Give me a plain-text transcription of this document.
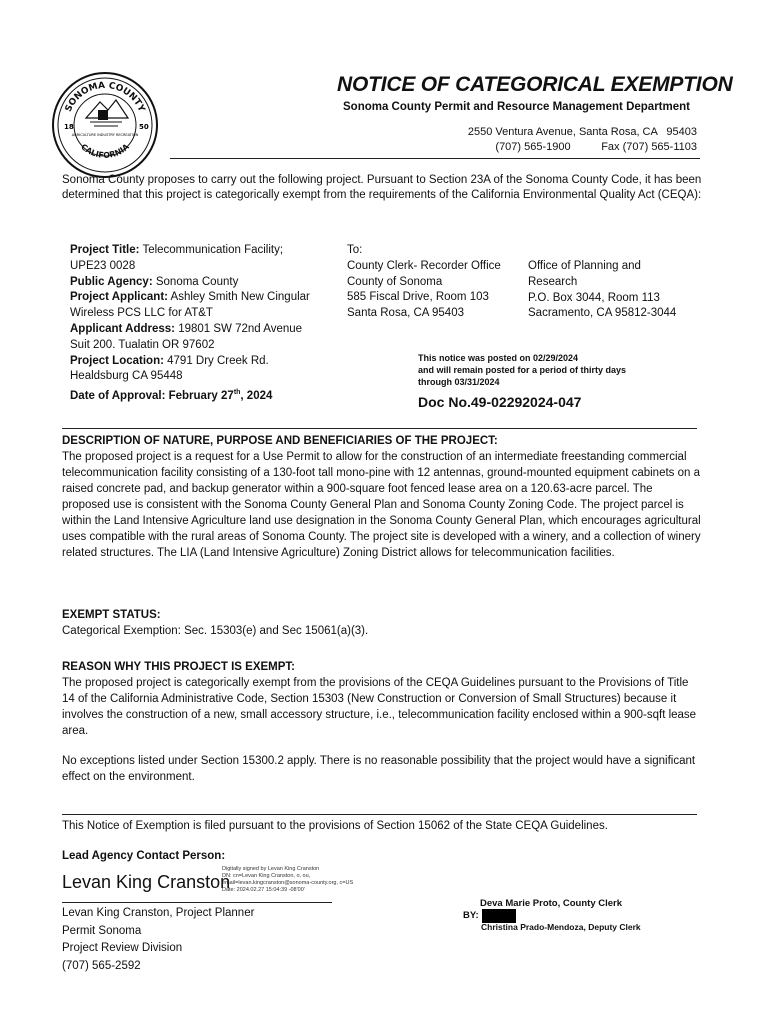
SONOMA COUNTY
CALIFORNIA
18	50
AGRICULTURE INDUSTRY RECREATION
NOTICE OF CATEGORICAL EXEMPTION
Sonoma County Permit and Resource Management Department
2550 Ventura Avenue, Santa Rosa, CA   95403
(707) 565-1900          Fax (707) 565-1103
Sonoma County proposes to carry out the following project. Pursuant to Section 23A of the Sonoma County Code, it has been determined that this project is categorically exempt from the requirements of the California Environmental Quality Act (CEQA):
Project Title: Telecommunication Facility;
UPE23 0028
Public Agency: Sonoma County
Project Applicant: Ashley Smith New Cingular
Wireless PCS LLC for AT&T
Applicant Address: 19801 SW 72nd Avenue
Suit 200. Tualatin OR 97602
Project Location: 4791 Dry Creek Rd.
Healdsburg CA 95448
Date of Approval: February 27th, 2024
To:
County Clerk- Recorder Office
County of Sonoma
585 Fiscal Drive, Room 103
Santa Rosa, CA 95403
Office of Planning and
Research
P.O. Box 3044, Room 113
Sacramento, CA 95812-3044
This notice was posted on 02/29/2024
and will remain posted for a period of thirty days
through 03/31/2024
Doc No.49-02292024-047
DESCRIPTION OF NATURE, PURPOSE AND BENEFICIARIES OF THE PROJECT:
The proposed project is a request for a Use Permit to allow for the construction of an intermediate freestanding commercial telecommunication facility consisting of a 130-foot tall mono-pine with 12 antennas, ground-mounted equipment cabinets on a raised concrete pad, and backup generator within a 900-square foot fenced lease area on a 120.63-acre parcel. The proposed use is consistent with the Sonoma County General Plan and Sonoma County Zoning Code. The project parcel is within the Land Intensive Agriculture land use designation in the Sonoma County General Plan, which encourages agricultural uses compatible with the rural areas of Sonoma County. The project site is developed with a winery, and a collection of winery related structures. The LIA (Land Intensive Agriculture) Zoning District allows for telecommunication facilities.
EXEMPT STATUS:
Categorical Exemption: Sec. 15303(e) and Sec 15061(a)(3).
REASON WHY THIS PROJECT IS EXEMPT:
The proposed project is categorically exempt from the provisions of the CEQA Guidelines pursuant to the Provisions of Title 14 of the California Administrative Code, Section 15303 (New Construction or Conversion of Small Structures) because it involves the construction of a new, small accessory structure, i.e., telecommunication facility enclosed within a 900-sqft lease area.
No exceptions listed under Section 15300.2 apply. There is no reasonable possibility that the project would have a significant effect on the environment.
This Notice of Exemption is filed pursuant to the provisions of Section 15062 of the State CEQA Guidelines.
Lead Agency Contact Person:
Levan King Cranston
Digitally signed by Levan King Cranston
DN: cn=Levan King Cranston, o, ou,
email=levan.kingcranston@sonoma-county.org, c=US
Date: 2024.02.27 15:04:39 -08'00'
Levan King Cranston, Project Planner
Permit Sonoma
Project Review Division
(707) 565-2592
Deva Marie Proto, County Clerk
BY:
Christina Prado-Mendoza, Deputy Clerk
